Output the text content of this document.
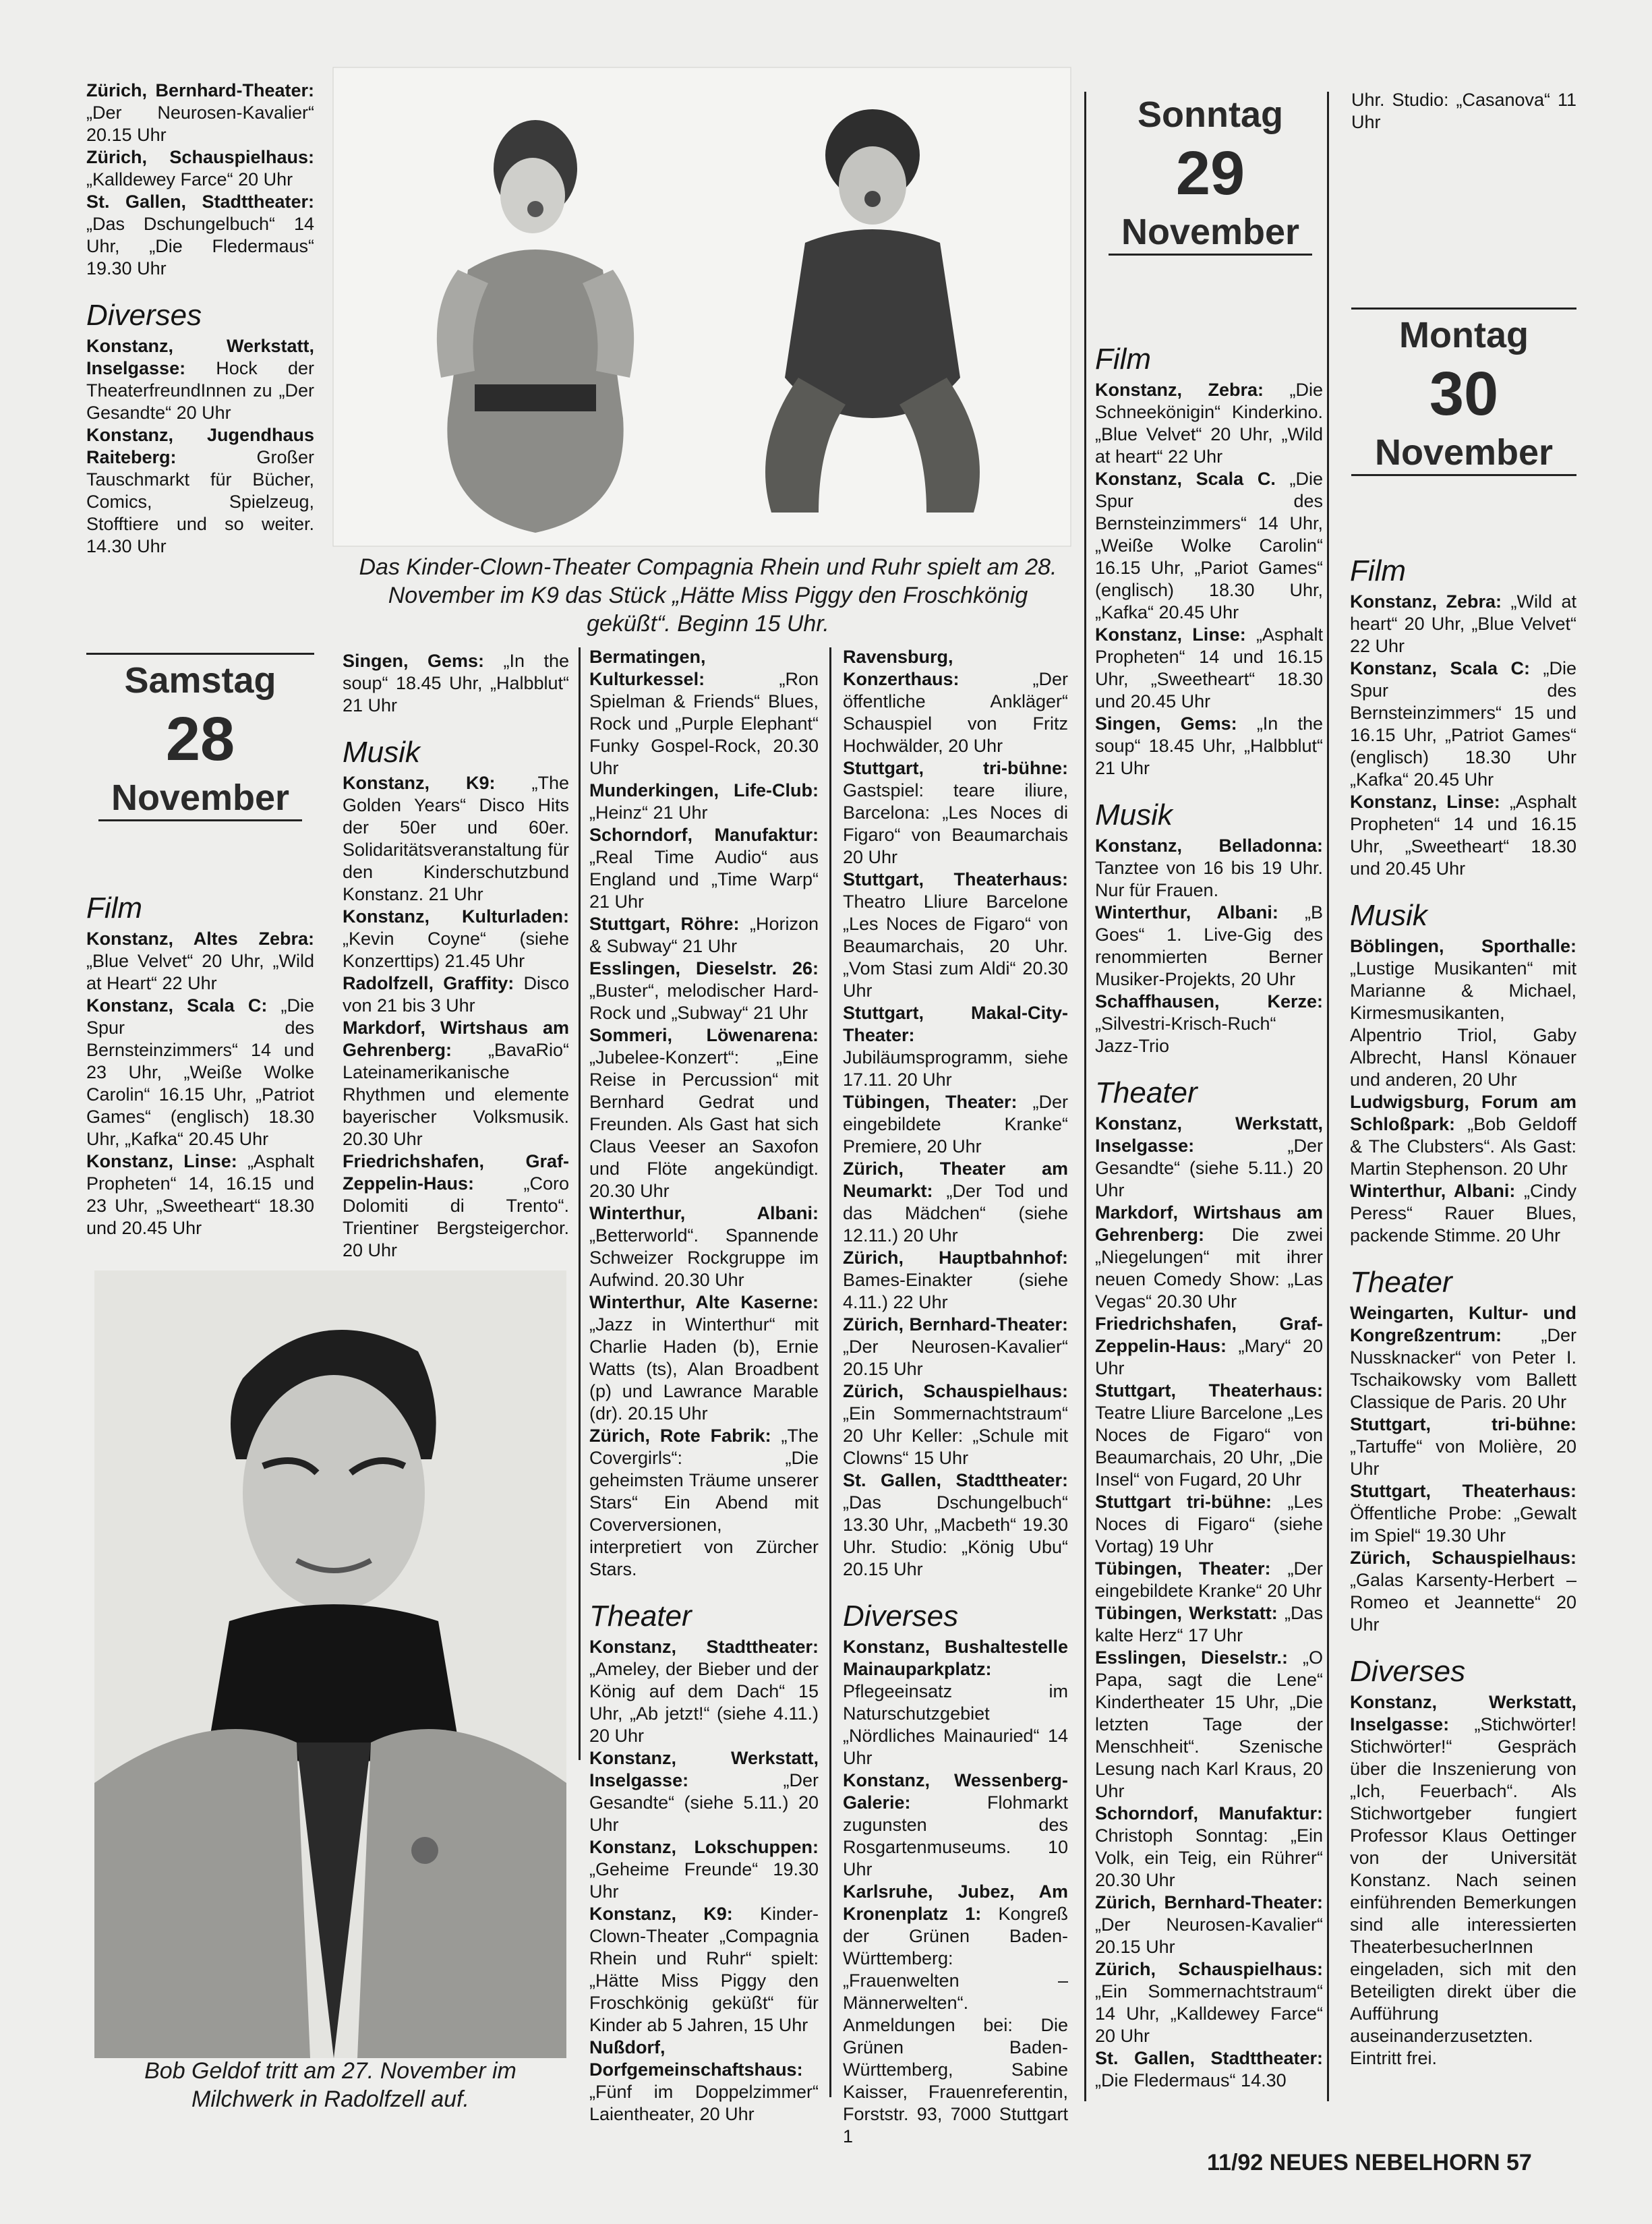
Zürich, Bernhard-Theater: „Der Neurosen-Kavalier“ 20.15 Uhr

Zürich, Schauspielhaus: „Kalldewey Farce“ 20 Uhr

St. Gallen, Stadttheater: „Das Dschungelbuch“ 14 Uhr, „Die Fledermaus“ 19.30 Uhr

Diverses

Konstanz, Werkstatt, Inselgasse: Hock der TheaterfreundInnen zu „Der Gesandte“ 20 Uhr

Konstanz, Jugendhaus Raiteberg:	Großer Tauschmarkt für Bücher, Comics, Spielzeug, Stofftiere und so weiter. 14.30 Uhr

Samstag
28
November
Film

Konstanz, Altes Zebra: „Blue Velvet“ 20 Uhr, „Wild at Heart“ 22 Uhr

Konstanz, Scala C: „Die Spur des Bernsteinzimmers“ 14 und 23 Uhr, „Weiße Wolke Carolin“ 16.15 Uhr, „Patriot Games“ (englisch) 18.30 Uhr, „Kafka“ 20.45 Uhr

Konstanz, Linse: „Asphalt Propheten“ 14, 16.15 und 23 Uhr, „Sweetheart“ 18.30 und 20.45 Uhr

Das Kinder-Clown-Theater Compagnia Rhein und Ruhr spielt am 28. November im K9 das Stück „Hätte Miss Piggy den Froschkönig geküßt“. Beginn 15 Uhr.

Singen, Gems: „In the soup“ 18.45 Uhr, „Halbblut“ 21 Uhr

Musik

Konstanz, K9: „The Golden Years“ Disco Hits der 50er und 60er. Solidaritätsveranstaltung für den Kinderschutzbund Konstanz. 21 Uhr

Konstanz, Kulturladen: „Kevin Coyne“ (siehe Konzerttips) 21.45 Uhr

Radolfzell, Graffity: Disco von 21 bis 3 Uhr

Markdorf, Wirtshaus am Gehrenberg: „BavaRio“ Lateinamerikanische Rhythmen und elemente bayerischer Volksmusik. 20.30 Uhr

Friedrichshafen, Graf-Zeppelin-Haus:	„Coro Dolomiti di Trento“. Trientiner Bergsteigerchor. 20 Uhr

Bob Geldof tritt am 27. November im Milchwerk in Radolfzell auf.

Bermatingen, Kulturkessel:	„Ron Spielman & Friends“ Blues, Rock und „Purple Elephant“ Funky Gospel-Rock, 20.30 Uhr

Munderkingen, Life-Club: „Heinz“ 21 Uhr

Schorndorf, Manufaktur: „Real Time Audio“ aus England und „Time Warp“ 21 Uhr

Stuttgart, Röhre: „Horizon & Subway“ 21 Uhr

Esslingen, Dieselstr. 26: „Buster“, melodischer Hard-Rock und „Subway“ 21 Uhr

Sommeri, Löwenarena: „Jubelee-Konzert“: „Eine Reise in Percussion“ mit Bernhard Gedrat und Freunden. Als Gast hat sich Claus Veeser an Saxofon und Flöte angekündigt. 20.30 Uhr

Winterthur, Albani: „Betterworld“. Spannende Schweizer Rockgruppe im Aufwind. 20.30 Uhr

Winterthur, Alte Kaserne: „Jazz in Winterthur“ mit Charlie Haden (b), Ernie Watts (ts), Alan Broadbent (p) und Lawrance Marable (dr). 20.15 Uhr

Zürich, Rote Fabrik: „The Covergirls“: „Die geheimsten Träume unserer Stars“ Ein Abend mit Coverversionen, interpretiert von Zürcher Stars.

Theater

Konstanz, Stadttheater: „Ameley, der Bieber und der König auf dem Dach“ 15 Uhr, „Ab jetzt!“ (siehe 4.11.) 20 Uhr

Konstanz, Werkstatt, Inselgasse:	„Der Gesandte“ (siehe 5.11.) 20 Uhr

Konstanz, Lokschuppen: „Geheime Freunde“ 19.30 Uhr

Konstanz, K9: Kinder-Clown-Theater „Compagnia Rhein und Ruhr“ spielt: „Hätte Miss Piggy den Froschkönig geküßt“ für Kinder ab 5 Jahren, 15 Uhr

Nußdorf, Dorfgemeinschaftshaus: „Fünf im Doppelzimmer“ Laientheater, 20 Uhr

Ravensburg, Konzerthaus:	„Der öffentliche Ankläger“ Schauspiel von Fritz Hochwälder, 20 Uhr

Stuttgart, tri-bühne: Gastspiel: teare iliure, Barcelona: „Les Noces di Figaro“ von Beaumarchais 20 Uhr

Stuttgart, Theaterhaus: Theatro Lliure Barcelone „Les Noces de Figaro“ von Beaumarchais, 20 Uhr. „Vom Stasi zum Aldi“ 20.30 Uhr

Stuttgart, Makal-City-Theater: Jubiläumsprogramm, siehe 17.11. 20 Uhr

Tübingen, Theater: „Der eingebildete Kranke“ Premiere, 20 Uhr

Zürich, Theater am Neumarkt: „Der Tod und das Mädchen“ (siehe 12.11.) 20 Uhr

Zürich, Hauptbahnhof: Bames-Einakter (siehe 4.11.) 22 Uhr

Zürich, Bernhard-Theater: „Der Neurosen-Kavalier“ 20.15 Uhr

Zürich, Schauspielhaus: „Ein Sommernachtstraum“ 20 Uhr Keller: „Schule mit Clowns“ 15 Uhr

St. Gallen, Stadttheater: „Das Dschungelbuch“ 13.30 Uhr, „Macbeth“ 19.30 Uhr. Studio: „König Ubu“ 20.15 Uhr

Diverses

Konstanz, Bushaltestelle Mainauparkplatz: Pflegeeinsatz im Naturschutzgebiet „Nördliches Mainauried“ 14 Uhr

Konstanz, Wessenberg-Galerie:	Flohmarkt zugunsten des Rosgartenmuseums. 10 Uhr

Karlsruhe, Jubez, Am Kronenplatz 1: Kongreß der Grünen Baden-Württemberg: „Frauenwelten – Männerwelten“. Anmeldungen bei: Die Grünen Baden-Württemberg, Sabine Kaisser, Frauenreferentin, Forststr. 93, 7000 Stuttgart 1

Sonntag
29
November
Film

Konstanz, Zebra: „Die Schneekönigin“ Kinderkino. „Blue Velvet“ 20 Uhr, „Wild at heart“ 22 Uhr

Konstanz, Scala C. „Die Spur des Bernsteinzimmers“ 14 Uhr, „Weiße Wolke Carolin“ 16.15 Uhr, „Pariot Games“ (englisch) 18.30 Uhr, „Kafka“ 20.45 Uhr

Konstanz, Linse: „Asphalt Propheten“ 14 und 16.15 Uhr, „Sweetheart“ 18.30 und 20.45 Uhr

Singen, Gems: „In the soup“ 18.45 Uhr, „Halbblut“ 21 Uhr

Musik

Konstanz, Belladonna: Tanztee von 16 bis 19 Uhr. Nur für Frauen.

Winterthur, Albani: „B Goes“ 1. Live-Gig des renommierten Berner Musiker-Projekts, 20 Uhr

Schaffhausen, Kerze: „Silvestri-Krisch-Ruch“ Jazz-Trio

Theater

Konstanz, Werkstatt, Inselgasse:	„Der Gesandte“ (siehe 5.11.) 20 Uhr

Markdorf, Wirtshaus am Gehrenberg: Die zwei „Niegelungen“ mit ihrer neuen Comedy Show: „Las Vegas“ 20.30 Uhr

Friedrichshafen, Graf-Zeppelin-Haus: „Mary“ 20 Uhr

Stuttgart, Theaterhaus: Teatre Lliure Barcelone „Les Noces de Figaro“ von Beaumarchais, 20 Uhr, „Die Insel“ von Fugard, 20 Uhr

Stuttgart tri-bühne: „Les Noces di Figaro“ (siehe Vortag) 19 Uhr

Tübingen, Theater: „Der eingebildete Kranke“ 20 Uhr

Tübingen, Werkstatt: „Das kalte Herz“ 17 Uhr

Esslingen, Dieselstr.: „O Papa, sagt die Lene“ Kindertheater 15 Uhr, „Die letzten Tage der Menschheit“. Szenische Lesung nach Karl Kraus, 20 Uhr

Schorndorf, Manufaktur: Christoph Sonntag: „Ein Volk, ein Teig, ein Rührer“ 20.30 Uhr

Zürich, Bernhard-Theater: „Der Neurosen-Kavalier“ 20.15 Uhr

Zürich, Schauspielhaus: „Ein Sommernachtstraum“ 14 Uhr, „Kalldewey Farce“ 20 Uhr

St. Gallen, Stadttheater: „Die Fledermaus“ 14.30

Uhr. Studio: „Casanova“ 11 Uhr

Montag
30
November
Film

Konstanz, Zebra: „Wild at heart“ 20 Uhr, „Blue Velvet“ 22 Uhr

Konstanz, Scala C: „Die Spur des Bernsteinzimmers“ 15 und 16.15 Uhr, „Patriot Games“ (englisch) 18.30 Uhr „Kafka“ 20.45 Uhr

Konstanz, Linse: „Asphalt Propheten“ 14 und 16.15 Uhr, „Sweetheart“ 18.30 und 20.45 Uhr

Musik

Böblingen, Sporthalle: „Lustige Musikanten“ mit Marianne & Michael, Kirmesmusikanten, Alpentrio Triol, Gaby Albrecht, Hansl Könauer und anderen, 20 Uhr

Ludwigsburg, Forum am Schloßpark: „Bob Geldoff & The Clubsters“. Als Gast: Martin Stephenson. 20 Uhr

Winterthur, Albani: „Cindy Peress“ Rauer Blues, packende Stimme. 20 Uhr

Theater

Weingarten, Kultur- und Kongreßzentrum: „Der Nussknacker“ von Peter I. Tschaikowsky vom Ballett Classique de Paris. 20 Uhr

Stuttgart, tri-bühne: „Tartuffe“ von Molière, 20 Uhr

Stuttgart, Theaterhaus: Öffentliche Probe: „Gewalt im Spiel“ 19.30 Uhr

Zürich, Schauspielhaus: „Galas Karsenty-Herbert – Romeo et Jeannette“ 20 Uhr

Diverses

Konstanz, Werkstatt, Inselgasse: „Stichwörter! Stichwörter!“ Gespräch über die Inszenierung von „Ich, Feuerbach“. Als Stichwortgeber fungiert Professor Klaus Oettinger von der Universität Konstanz. Nach seinen einführenden Bemerkungen sind alle interessierten TheaterbesucherInnen eingeladen, sich mit den Beteiligten direkt über die Aufführung auseinanderzusetzten. Eintritt frei.

11/92 NEUES NEBELHORN 57
